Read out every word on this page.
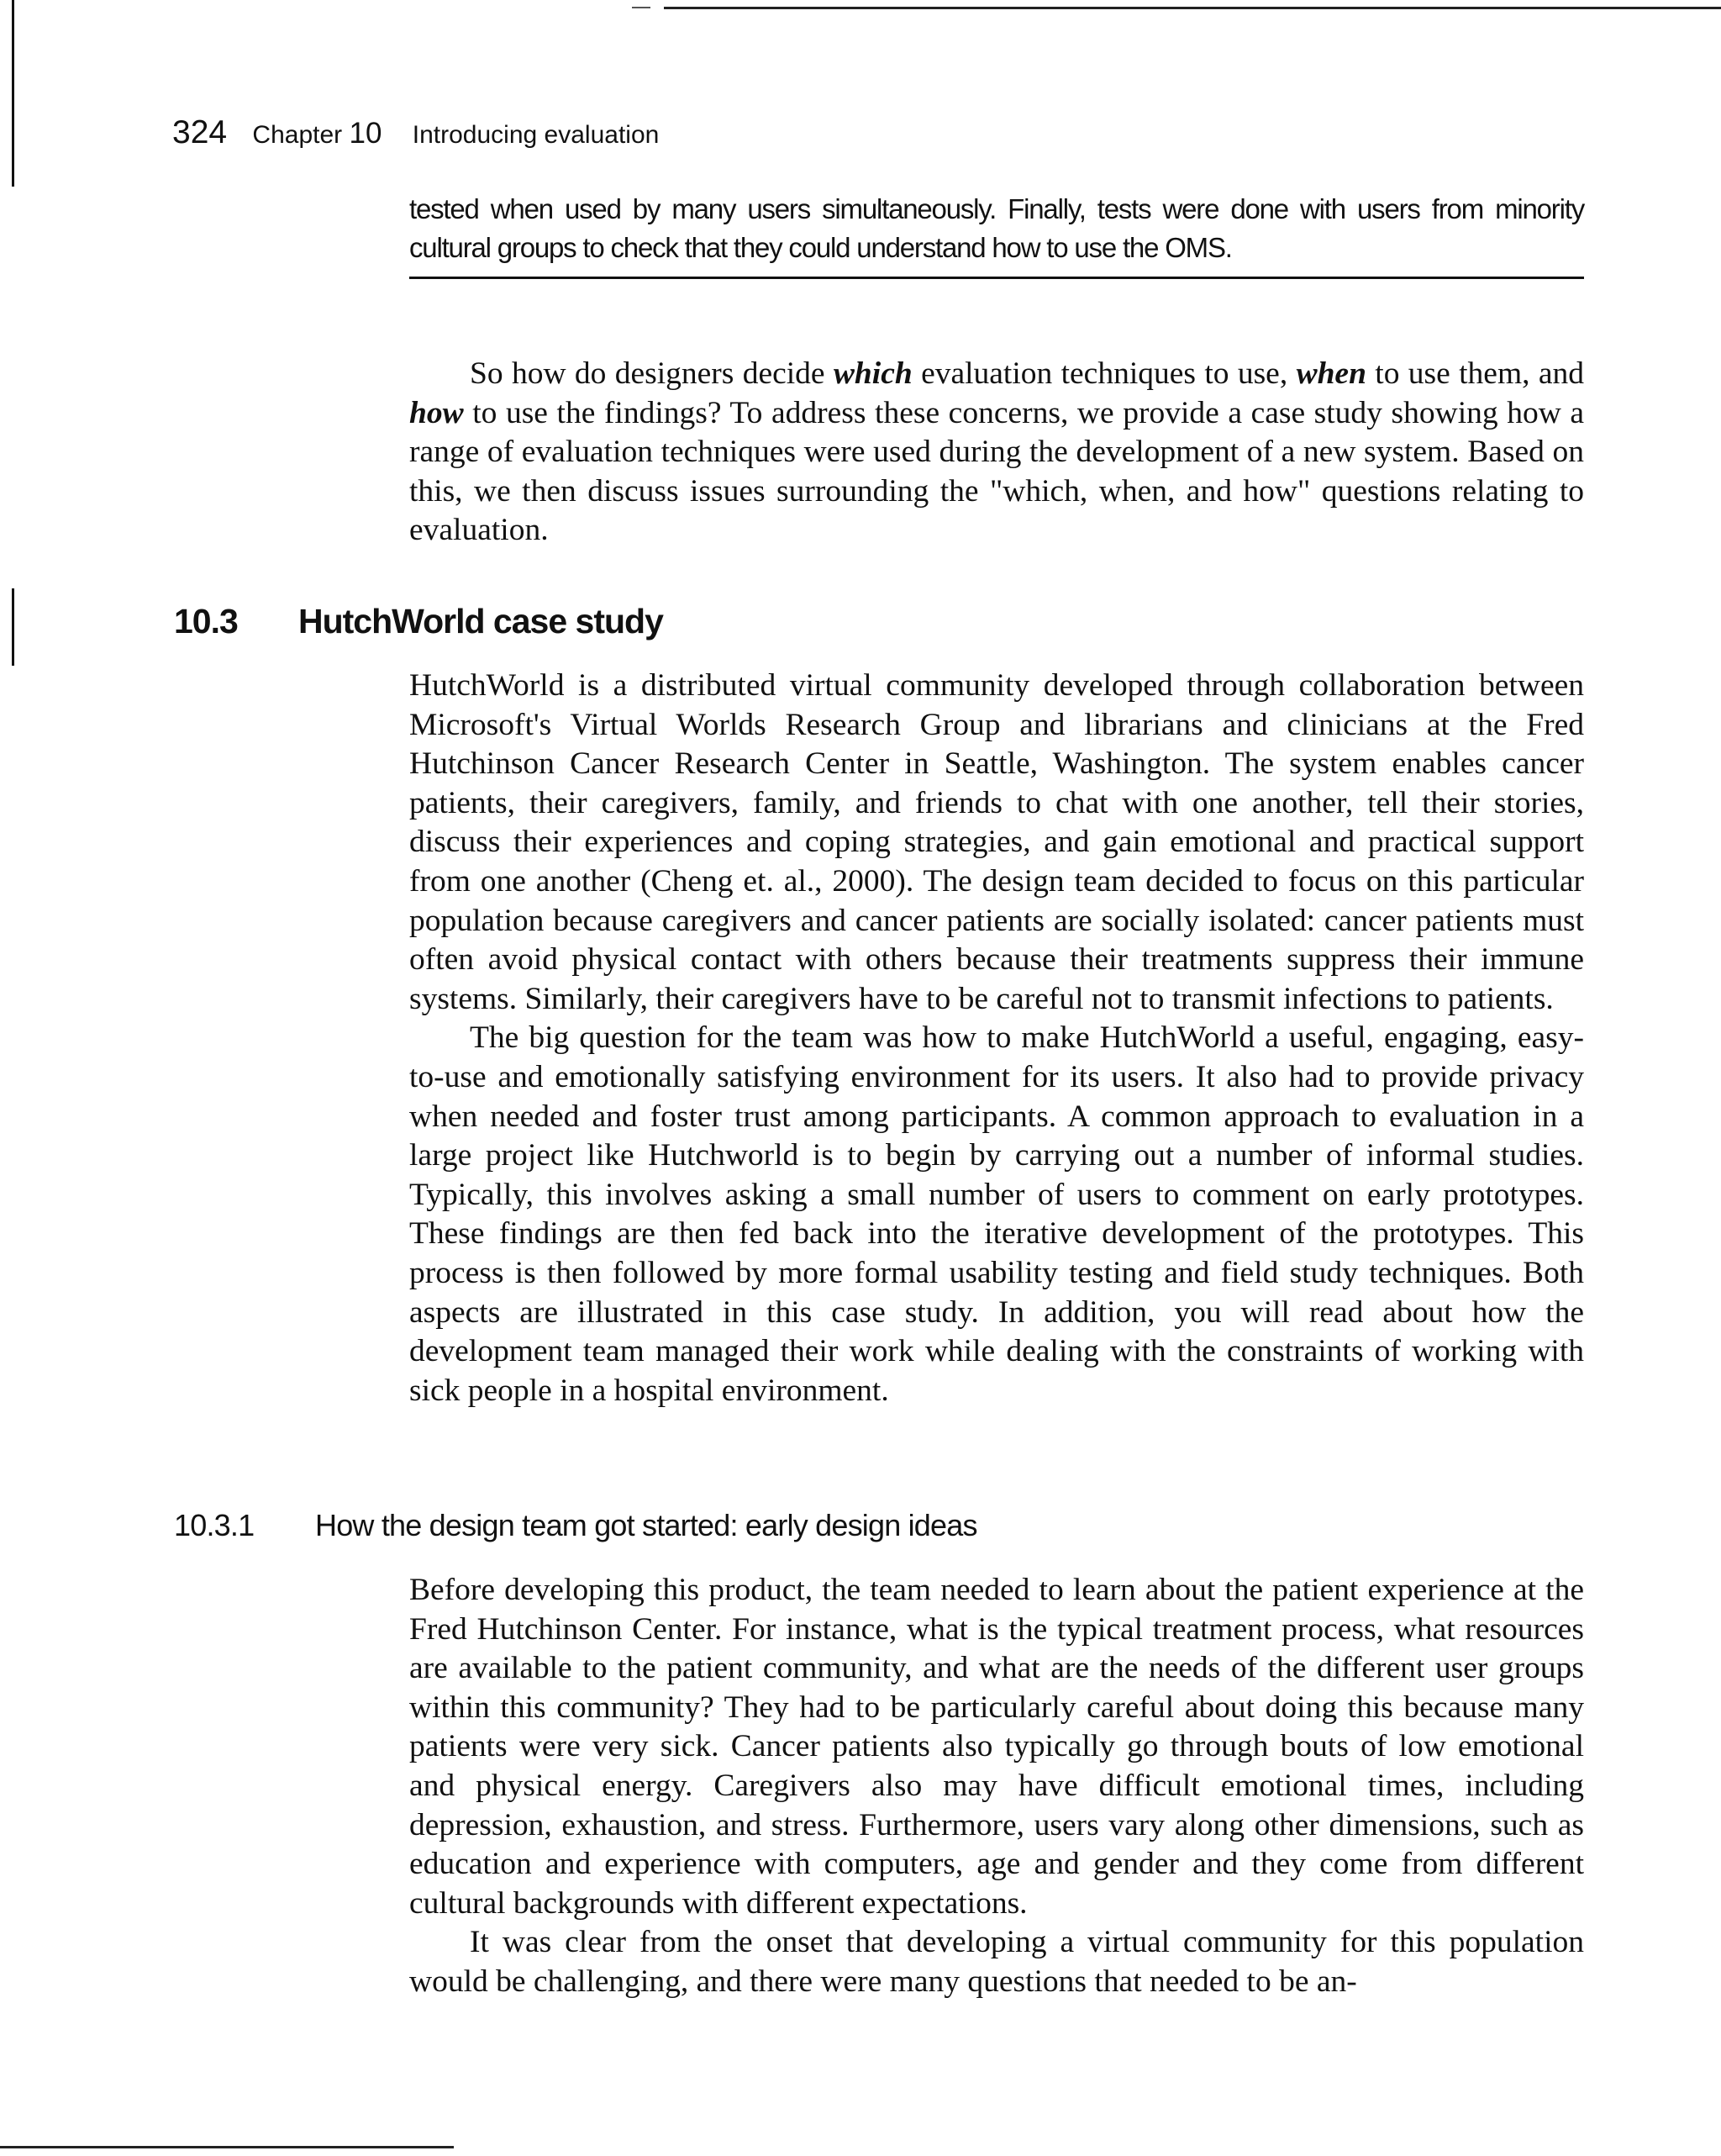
324 Chapter 10 Introducing evaluation
tested when used by many users simultaneously. Finally, tests were done with users from minority cultural groups to check that they could understand how to use the OMS.

So how do designers decide which evaluation techniques to use, when to use them, and how to use the findings? To address these concerns, we provide a case study showing how a range of evaluation techniques were used during the development of a new system. Based on this, we then discuss issues surrounding the "which, when, and how" questions relating to evaluation.

10.3 HutchWorld case study

HutchWorld is a distributed virtual community developed through collaboration between Microsoft's Virtual Worlds Research Group and librarians and clinicians at the Fred Hutchinson Cancer Research Center in Seattle, Washington. The system enables cancer patients, their caregivers, family, and friends to chat with one another, tell their stories, discuss their experiences and coping strategies, and gain emotional and practical support from one another (Cheng et. al., 2000). The design team decided to focus on this particular population because caregivers and cancer patients are socially isolated: cancer patients must often avoid physical contact with others because their treatments suppress their immune systems. Similarly, their caregivers have to be careful not to transmit infections to patients.

The big question for the team was how to make HutchWorld a useful, engaging, easy-to-use and emotionally satisfying environment for its users. It also had to provide privacy when needed and foster trust among participants. A common approach to evaluation in a large project like Hutchworld is to begin by carrying out a number of informal studies. Typically, this involves asking a small number of users to comment on early prototypes. These findings are then fed back into the iterative development of the prototypes. This process is then followed by more formal usability testing and field study techniques. Both aspects are illustrated in this case study. In addition, you will read about how the development team managed their work while dealing with the constraints of working with sick people in a hospital environment.

10.3.1 How the design team got started: early design ideas

Before developing this product, the team needed to learn about the patient experience at the Fred Hutchinson Center. For instance, what is the typical treatment process, what resources are available to the patient community, and what are the needs of the different user groups within this community? They had to be particularly careful about doing this because many patients were very sick. Cancer patients also typically go through bouts of low emotional and physical energy. Caregivers also may have difficult emotional times, including depression, exhaustion, and stress. Furthermore, users vary along other dimensions, such as education and experience with computers, age and gender and they come from different cultural backgrounds with different expectations.

It was clear from the onset that developing a virtual community for this population would be challenging, and there were many questions that needed to be an-
